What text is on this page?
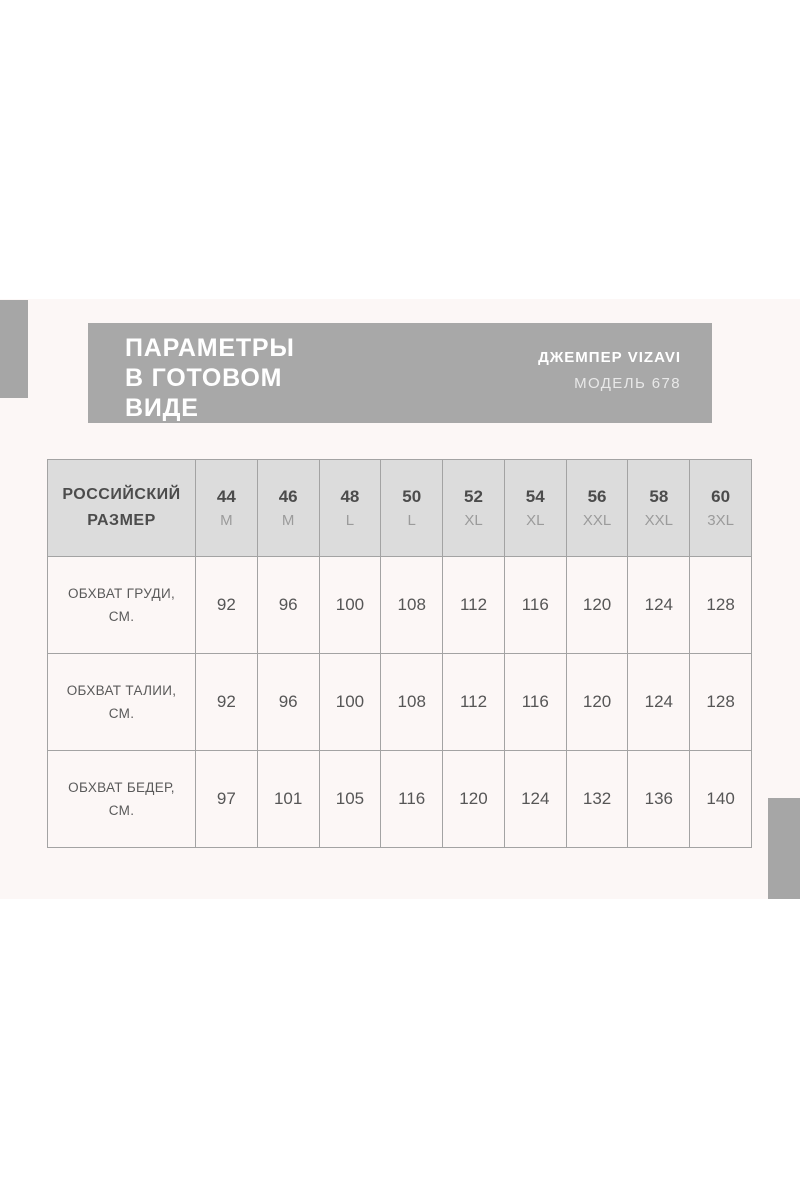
ПАРАМЕТРЫ
В ГОТОВОМ
ВИДЕ
ДЖЕМПЕР VIZAVI
МОДЕЛЬ 678
РОССИЙСКИЙ
РАЗМЕР
44
M
46
M
48
L
50
L
52
XL
54
XL
56
XXL
58
XXL
60
3XL
ОБХВАТ ГРУДИ,
СМ.
92	96 100 108 112 116 120 124 128
ОБХВАТ ТАЛИИ,
СМ.
92	96 100 108 112 116 120 124 128
ОБХВАТ БЕДЕР,
СМ.
97 101 105 116 120 124 132 136 140
